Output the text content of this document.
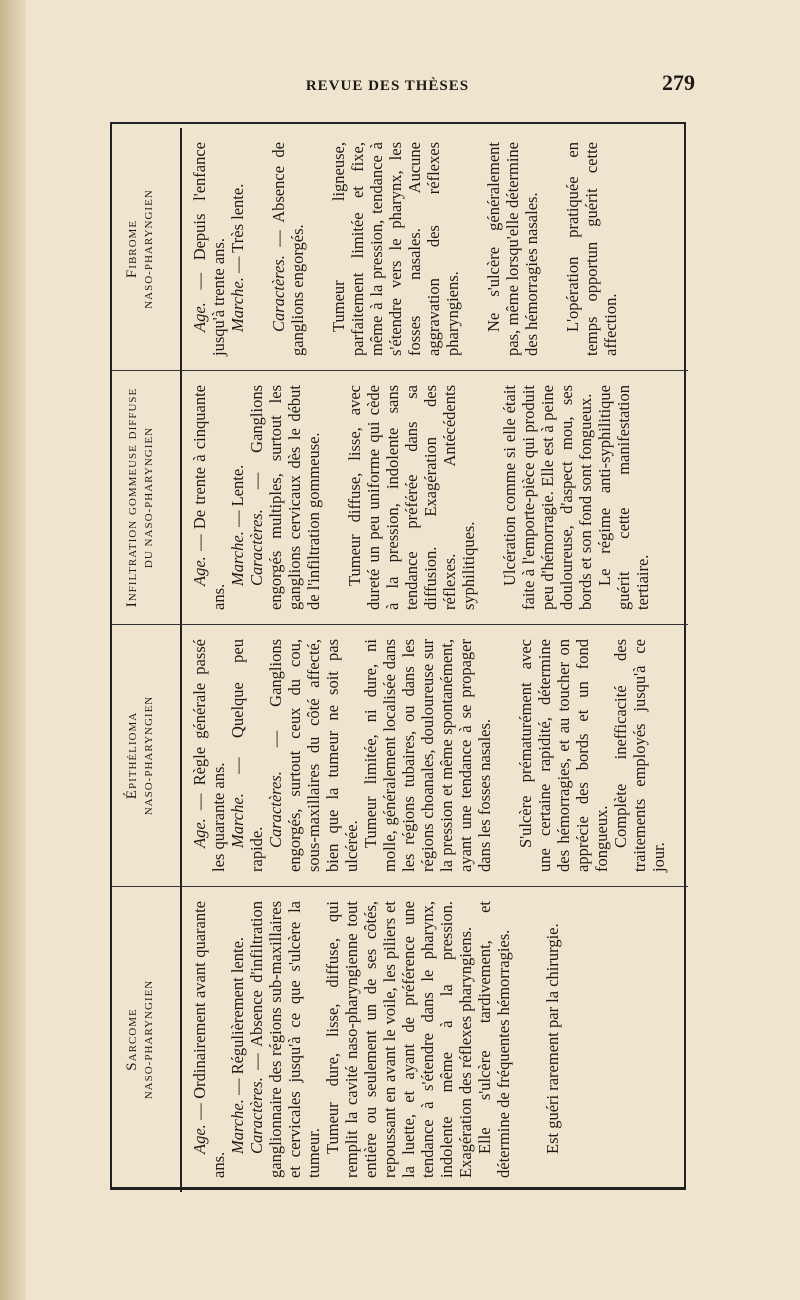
REVUE DES THÈSES	279
Sarcome NASO-PHARYNGIEN

Age. — Ordinairement avant quarante ans.

Marche. — Régulièrement lente.

Caractères. — Absence d'infiltration ganglionnaire des régions sub-maxillaires et cervicales jusqu'à ce que s'ulcère la tumeur. Tumeur dure, lisse, diffuse, qui remplit la cavité naso-pharyngienne tout entière ou seulement un de ses côtés, repoussant en avant le voile, les piliers et la luette, et ayant de préférence une tendance à s'étendre dans le pharynx, indolente même à la pression. Exagération des réflexes pharyngiens. Elle s'ulcère tardivement, et détermine de fréquentes hémorragies. Est guéri rarement par la chirurgie.

Épithélioma NASO-PHARYNGIEN

Age. — Règle générale passé les quarante ans. Marche. — Quelque peu rapide.

Caractères. — Ganglions engorgés, surtout ceux du cou, sous-maxillaires du côté affecté, bien que la tumeur ne soit pas ulcérée. Tumeur limitée, ni dure, ni molle, généralement localisée dans les régions tubaires, ou dans les régions choanales, douloureuse sur la pression et même spontanément, ayant une tendance à se propager dans les fosses nasales. S'ulcère prématurément avec une certaine rapidité, détermine des hémorragies, et au toucher on apprécie des bords et un fond fongueux. Complète inefficacité des traitements employés jusqu'à ce jour.

Infiltration gommeuse diffuse DU NASO-PHARYNGIEN

Age. — De trente à cinquante ans.

Marche. — Lente.

Caractères. — Ganglions engorgés multiples, surtout les ganglions cervicaux dès le début de l'infiltration gommeuse. Tumeur diffuse, lisse, avec dureté un peu uniforme qui cède à la pression, indolente sans tendance préférée dans sa diffusion. Exagération des réflexes. Antécédents syphilitiques. Ulcération comme si elle était faite à l'emporte-pièce qui produit peu d'hémorragie. Elle est à peine douloureuse, d'aspect mou, ses bords et son fond sont fongueux. Le régime anti-syphilitique guérit cette manifestation tertiaire.

Fibrome NASO-PHARYNGIEN

Age. — Depuis l'enfance jusqu'à trente ans. Marche. — Très lente.

Caractères. — Absence de ganglions engorgés. Tumeur ligneuse, parfaitement limitée et fixe, même à la pression, tendance à s'étendre vers le pharynx, les fosses nasales. Aucune aggravation des réflexes pharyngiens. Ne s'ulcère généralement pas, même lorsqu'elle détermine des hémorragies nasales. L'opération pratiquée en temps opportun guérit cette affection.
